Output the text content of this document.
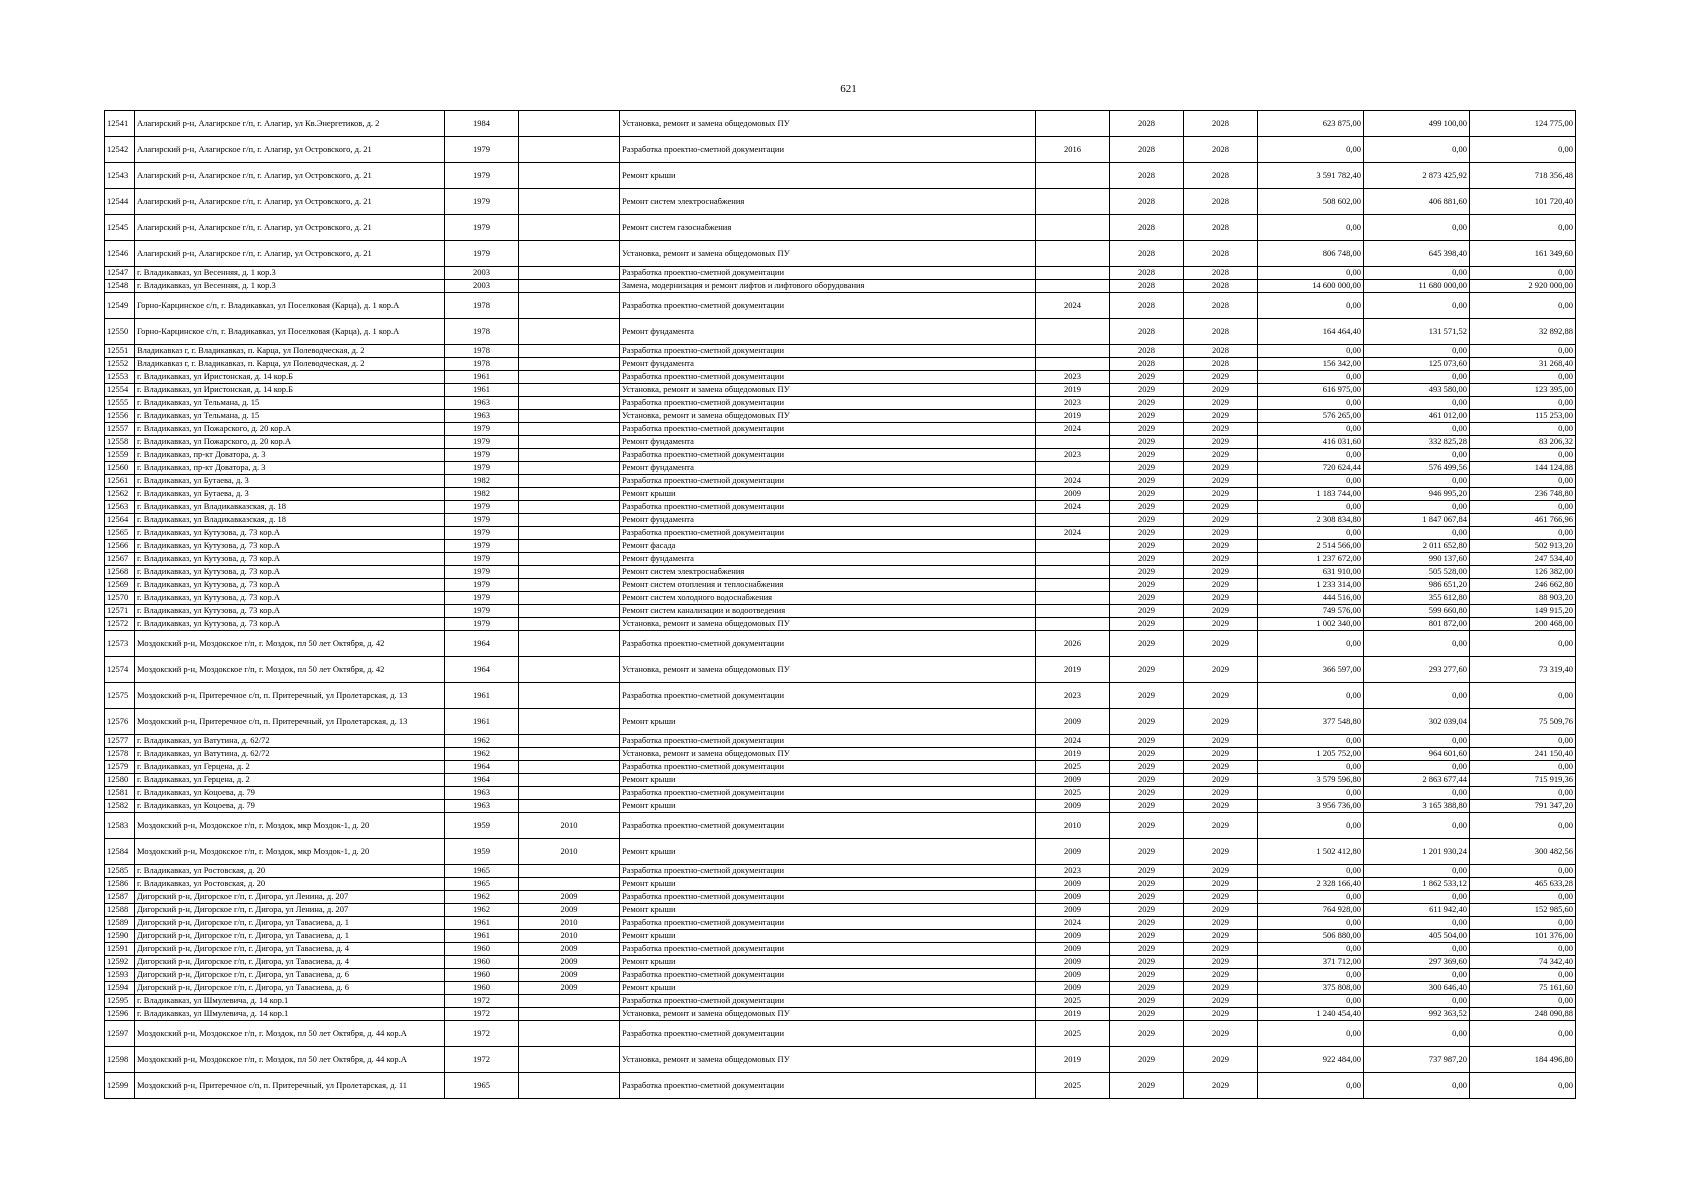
621
12541	Алагирский р-н, Алагирское г/п, г. Алагир, ул Кв.Энергетиков, д. 2	1984		Установка, ремонт и замена общедомовых ПУ		2028	2028	623 875,00	499 100,00	124 775,00
12542	Алагирский р-н, Алагирское г/п, г. Алагир, ул Островского, д. 21	1979		Разработка проектно-сметной документации	2016	2028	2028	0,00	0,00	0,00
12543	Алагирский р-н, Алагирское г/п, г. Алагир, ул Островского, д. 21	1979		Ремонт крыши		2028	2028	3 591 782,40	2 873 425,92	718 356,48
12544	Алагирский р-н, Алагирское г/п, г. Алагир, ул Островского, д. 21	1979		Ремонт систем электроснабжения		2028	2028	508 602,00	406 881,60	101 720,40
12545	Алагирский р-н, Алагирское г/п, г. Алагир, ул Островского, д. 21	1979		Ремонт систем газоснабжения		2028	2028	0,00	0,00	0,00
12546	Алагирский р-н, Алагирское г/п, г. Алагир, ул Островского, д. 21	1979		Установка, ремонт и замена общедомовых ПУ		2028	2028	806 748,00	645 398,40	161 349,60
12547	г. Владикавказ, ул Весенняя, д. 1 кор.3	2003		Разработка проектно-сметной документации		2028	2028	0,00	0,00	0,00
12548	г. Владикавказ, ул Весенняя, д. 1 кор.3	2003		Замена, модернизация и ремонт лифтов и лифтового оборудования		2028	2028	14 600 000,00	11 680 000,00	2 920 000,00
12549	Горно-Карцинское с/п, г. Владикавказ, ул Поселковая (Карца), д. 1 кор.А	1978		Разработка проектно-сметной документации	2024	2028	2028	0,00	0,00	0,00
12550	Горно-Карцинское с/п, г. Владикавказ, ул Поселковая (Карца), д. 1 кор.А	1978		Ремонт фундамента		2028	2028	164 464,40	131 571,52	32 892,88
12551	Владикавказ г, г. Владикавказ, п. Карца, ул Полеводческая, д. 2	1978		Разработка проектно-сметной документации		2028	2028	0,00	0,00	0,00
12552	Владикавказ г, г. Владикавказ, п. Карца, ул Полеводческая, д. 2	1978		Ремонт фундамента		2028	2028	156 342,00	125 073,60	31 268,40
12553	г. Владикавказ, ул Иристонская, д. 14 кор.Б	1961		Разработка проектно-сметной документации	2023	2029	2029	0,00	0,00	0,00
12554	г. Владикавказ, ул Иристонская, д. 14 кор.Б	1961		Установка, ремонт и замена общедомовых ПУ	2019	2029	2029	616 975,00	493 580,00	123 395,00
12555	г. Владикавказ, ул Тельмана, д. 15	1963		Разработка проектно-сметной документации	2023	2029	2029	0,00	0,00	0,00
12556	г. Владикавказ, ул Тельмана, д. 15	1963		Установка, ремонт и замена общедомовых ПУ	2019	2029	2029	576 265,00	461 012,00	115 253,00
12557	г. Владикавказ, ул Пожарского, д. 20 кор.А	1979		Разработка проектно-сметной документации	2024	2029	2029	0,00	0,00	0,00
12558	г. Владикавказ, ул Пожарского, д. 20 кор.А	1979		Ремонт фундамента		2029	2029	416 031,60	332 825,28	83 206,32
12559	г. Владикавказ, пр-кт Доватора, д. 3	1979		Разработка проектно-сметной документации	2023	2029	2029	0,00	0,00	0,00
12560	г. Владикавказ, пр-кт Доватора, д. 3	1979		Ремонт фундамента		2029	2029	720 624,44	576 499,56	144 124,88
12561	г. Владикавказ, ул Бутаева, д. 3	1982		Разработка проектно-сметной документации	2024	2029	2029	0,00	0,00	0,00
12562	г. Владикавказ, ул Бутаева, д. 3	1982		Ремонт крыши	2009	2029	2029	1 183 744,00	946 995,20	236 748,80
12563	г. Владикавказ, ул Владикавказская, д. 18	1979		Разработка проектно-сметной документации	2024	2029	2029	0,00	0,00	0,00
12564	г. Владикавказ, ул Владикавказская, д. 18	1979		Ремонт фундамента		2029	2029	2 308 834,80	1 847 067,84	461 766,96
12565	г. Владикавказ, ул Кутузова, д. 73 кор.А	1979		Разработка проектно-сметной документации	2024	2029	2029	0,00	0,00	0,00
12566	г. Владикавказ, ул Кутузова, д. 73 кор.А	1979		Ремонт фасада		2029	2029	2 514 566,00	2 011 652,80	502 913,20
12567	г. Владикавказ, ул Кутузова, д. 73 кор.А	1979		Ремонт фундамента		2029	2029	1 237 672,00	990 137,60	247 534,40
12568	г. Владикавказ, ул Кутузова, д. 73 кор.А	1979		Ремонт систем электроснабжения		2029	2029	631 910,00	505 528,00	126 382,00
12569	г. Владикавказ, ул Кутузова, д. 73 кор.А	1979		Ремонт систем отопления и теплоснабжения		2029	2029	1 233 314,00	986 651,20	246 662,80
12570	г. Владикавказ, ул Кутузова, д. 73 кор.А	1979		Ремонт систем холодного водоснабжения		2029	2029	444 516,00	355 612,80	88 903,20
12571	г. Владикавказ, ул Кутузова, д. 73 кор.А	1979		Ремонт систем канализации и водоотведения		2029	2029	749 576,00	599 660,80	149 915,20
12572	г. Владикавказ, ул Кутузова, д. 73 кор.А	1979		Установка, ремонт и замена общедомовых ПУ		2029	2029	1 002 340,00	801 872,00	200 468,00
12573	Моздокский р-н, Моздокское г/п, г. Моздок, пл 50 лет Октября, д. 42	1964		Разработка проектно-сметной документации	2026	2029	2029	0,00	0,00	0,00
12574	Моздокский р-н, Моздокское г/п, г. Моздок, пл 50 лет Октября, д. 42	1964		Установка, ремонт и замена общедомовых ПУ	2019	2029	2029	366 597,00	293 277,60	73 319,40
12575	Моздокский р-н, Притеречное с/п, п. Притеречный, ул Пролетарская, д. 13	1961		Разработка проектно-сметной документации	2023	2029	2029	0,00	0,00	0,00
12576	Моздокский р-н, Притеречное с/п, п. Притеречный, ул Пролетарская, д. 13	1961		Ремонт крыши	2009	2029	2029	377 548,80	302 039,04	75 509,76
12577	г. Владикавказ, ул Ватутина, д. 62/72	1962		Разработка проектно-сметной документации	2024	2029	2029	0,00	0,00	0,00
12578	г. Владикавказ, ул Ватутина, д. 62/72	1962		Установка, ремонт и замена общедомовых ПУ	2019	2029	2029	1 205 752,00	964 601,60	241 150,40
12579	г. Владикавказ, ул Герцена, д. 2	1964		Разработка проектно-сметной документации	2025	2029	2029	0,00	0,00	0,00
12580	г. Владикавказ, ул Герцена, д. 2	1964		Ремонт крыши	2009	2029	2029	3 579 596,80	2 863 677,44	715 919,36
12581	г. Владикавказ, ул Коцоева, д. 79	1963		Разработка проектно-сметной документации	2025	2029	2029	0,00	0,00	0,00
12582	г. Владикавказ, ул Коцоева, д. 79	1963		Ремонт крыши	2009	2029	2029	3 956 736,00	3 165 388,80	791 347,20
12583	Моздокский р-н, Моздокское г/п, г. Моздок, мкр Моздок-1, д. 20	1959	2010	Разработка проектно-сметной документации	2010	2029	2029	0,00	0,00	0,00
12584	Моздокский р-н, Моздокское г/п, г. Моздок, мкр Моздок-1, д. 20	1959	2010	Ремонт крыши	2009	2029	2029	1 502 412,80	1 201 930,24	300 482,56
12585	г. Владикавказ, ул Ростовская, д. 20	1965		Разработка проектно-сметной документации	2023	2029	2029	0,00	0,00	0,00
12586	г. Владикавказ, ул Ростовская, д. 20	1965		Ремонт крыши	2009	2029	2029	2 328 166,40	1 862 533,12	465 633,28
12587	Дигорский р-н, Дигорское г/п, г. Дигора, ул Ленина, д. 207	1962	2009	Разработка проектно-сметной документации	2009	2029	2029	0,00	0,00	0,00
12588	Дигорский р-н, Дигорское г/п, г. Дигора, ул Ленина, д. 207	1962	2009	Ремонт крыши	2009	2029	2029	764 928,00	611 942,40	152 985,60
12589	Дигорский р-н, Дигорское г/п, г. Дигора, ул Тавасиева, д. 1	1961	2010	Разработка проектно-сметной документации	2024	2029	2029	0,00	0,00	0,00
12590	Дигорский р-н, Дигорское г/п, г. Дигора, ул Тавасиева, д. 1	1961	2010	Ремонт крыши	2009	2029	2029	506 880,00	405 504,00	101 376,00
12591	Дигорский р-н, Дигорское г/п, г. Дигора, ул Тавасиева, д. 4	1960	2009	Разработка проектно-сметной документации	2009	2029	2029	0,00	0,00	0,00
12592	Дигорский р-н, Дигорское г/п, г. Дигора, ул Тавасиева, д. 4	1960	2009	Ремонт крыши	2009	2029	2029	371 712,00	297 369,60	74 342,40
12593	Дигорский р-н, Дигорское г/п, г. Дигора, ул Тавасиева, д. 6	1960	2009	Разработка проектно-сметной документации	2009	2029	2029	0,00	0,00	0,00
12594	Дигорский р-н, Дигорское г/п, г. Дигора, ул Тавасиева, д. 6	1960	2009	Ремонт крыши	2009	2029	2029	375 808,00	300 646,40	75 161,60
12595	г. Владикавказ, ул Шмулевича, д. 14 кор.1	1972		Разработка проектно-сметной документации	2025	2029	2029	0,00	0,00	0,00
12596	г. Владикавказ, ул Шмулевича, д. 14 кор.1	1972		Установка, ремонт и замена общедомовых ПУ	2019	2029	2029	1 240 454,40	992 363,52	248 090,88
12597	Моздокский р-н, Моздокское г/п, г. Моздок, пл 50 лет Октября, д. 44 кор.А	1972		Разработка проектно-сметной документации	2025	2029	2029	0,00	0,00	0,00
12598	Моздокский р-н, Моздокское г/п, г. Моздок, пл 50 лет Октября, д. 44 кор.А	1972		Установка, ремонт и замена общедомовых ПУ	2019	2029	2029	922 484,00	737 987,20	184 496,80
12599	Моздокский р-н, Притеречное с/п, п. Притеречный, ул Пролетарская, д. 11	1965		Разработка проектно-сметной документации	2025	2029	2029	0,00	0,00	0,00
